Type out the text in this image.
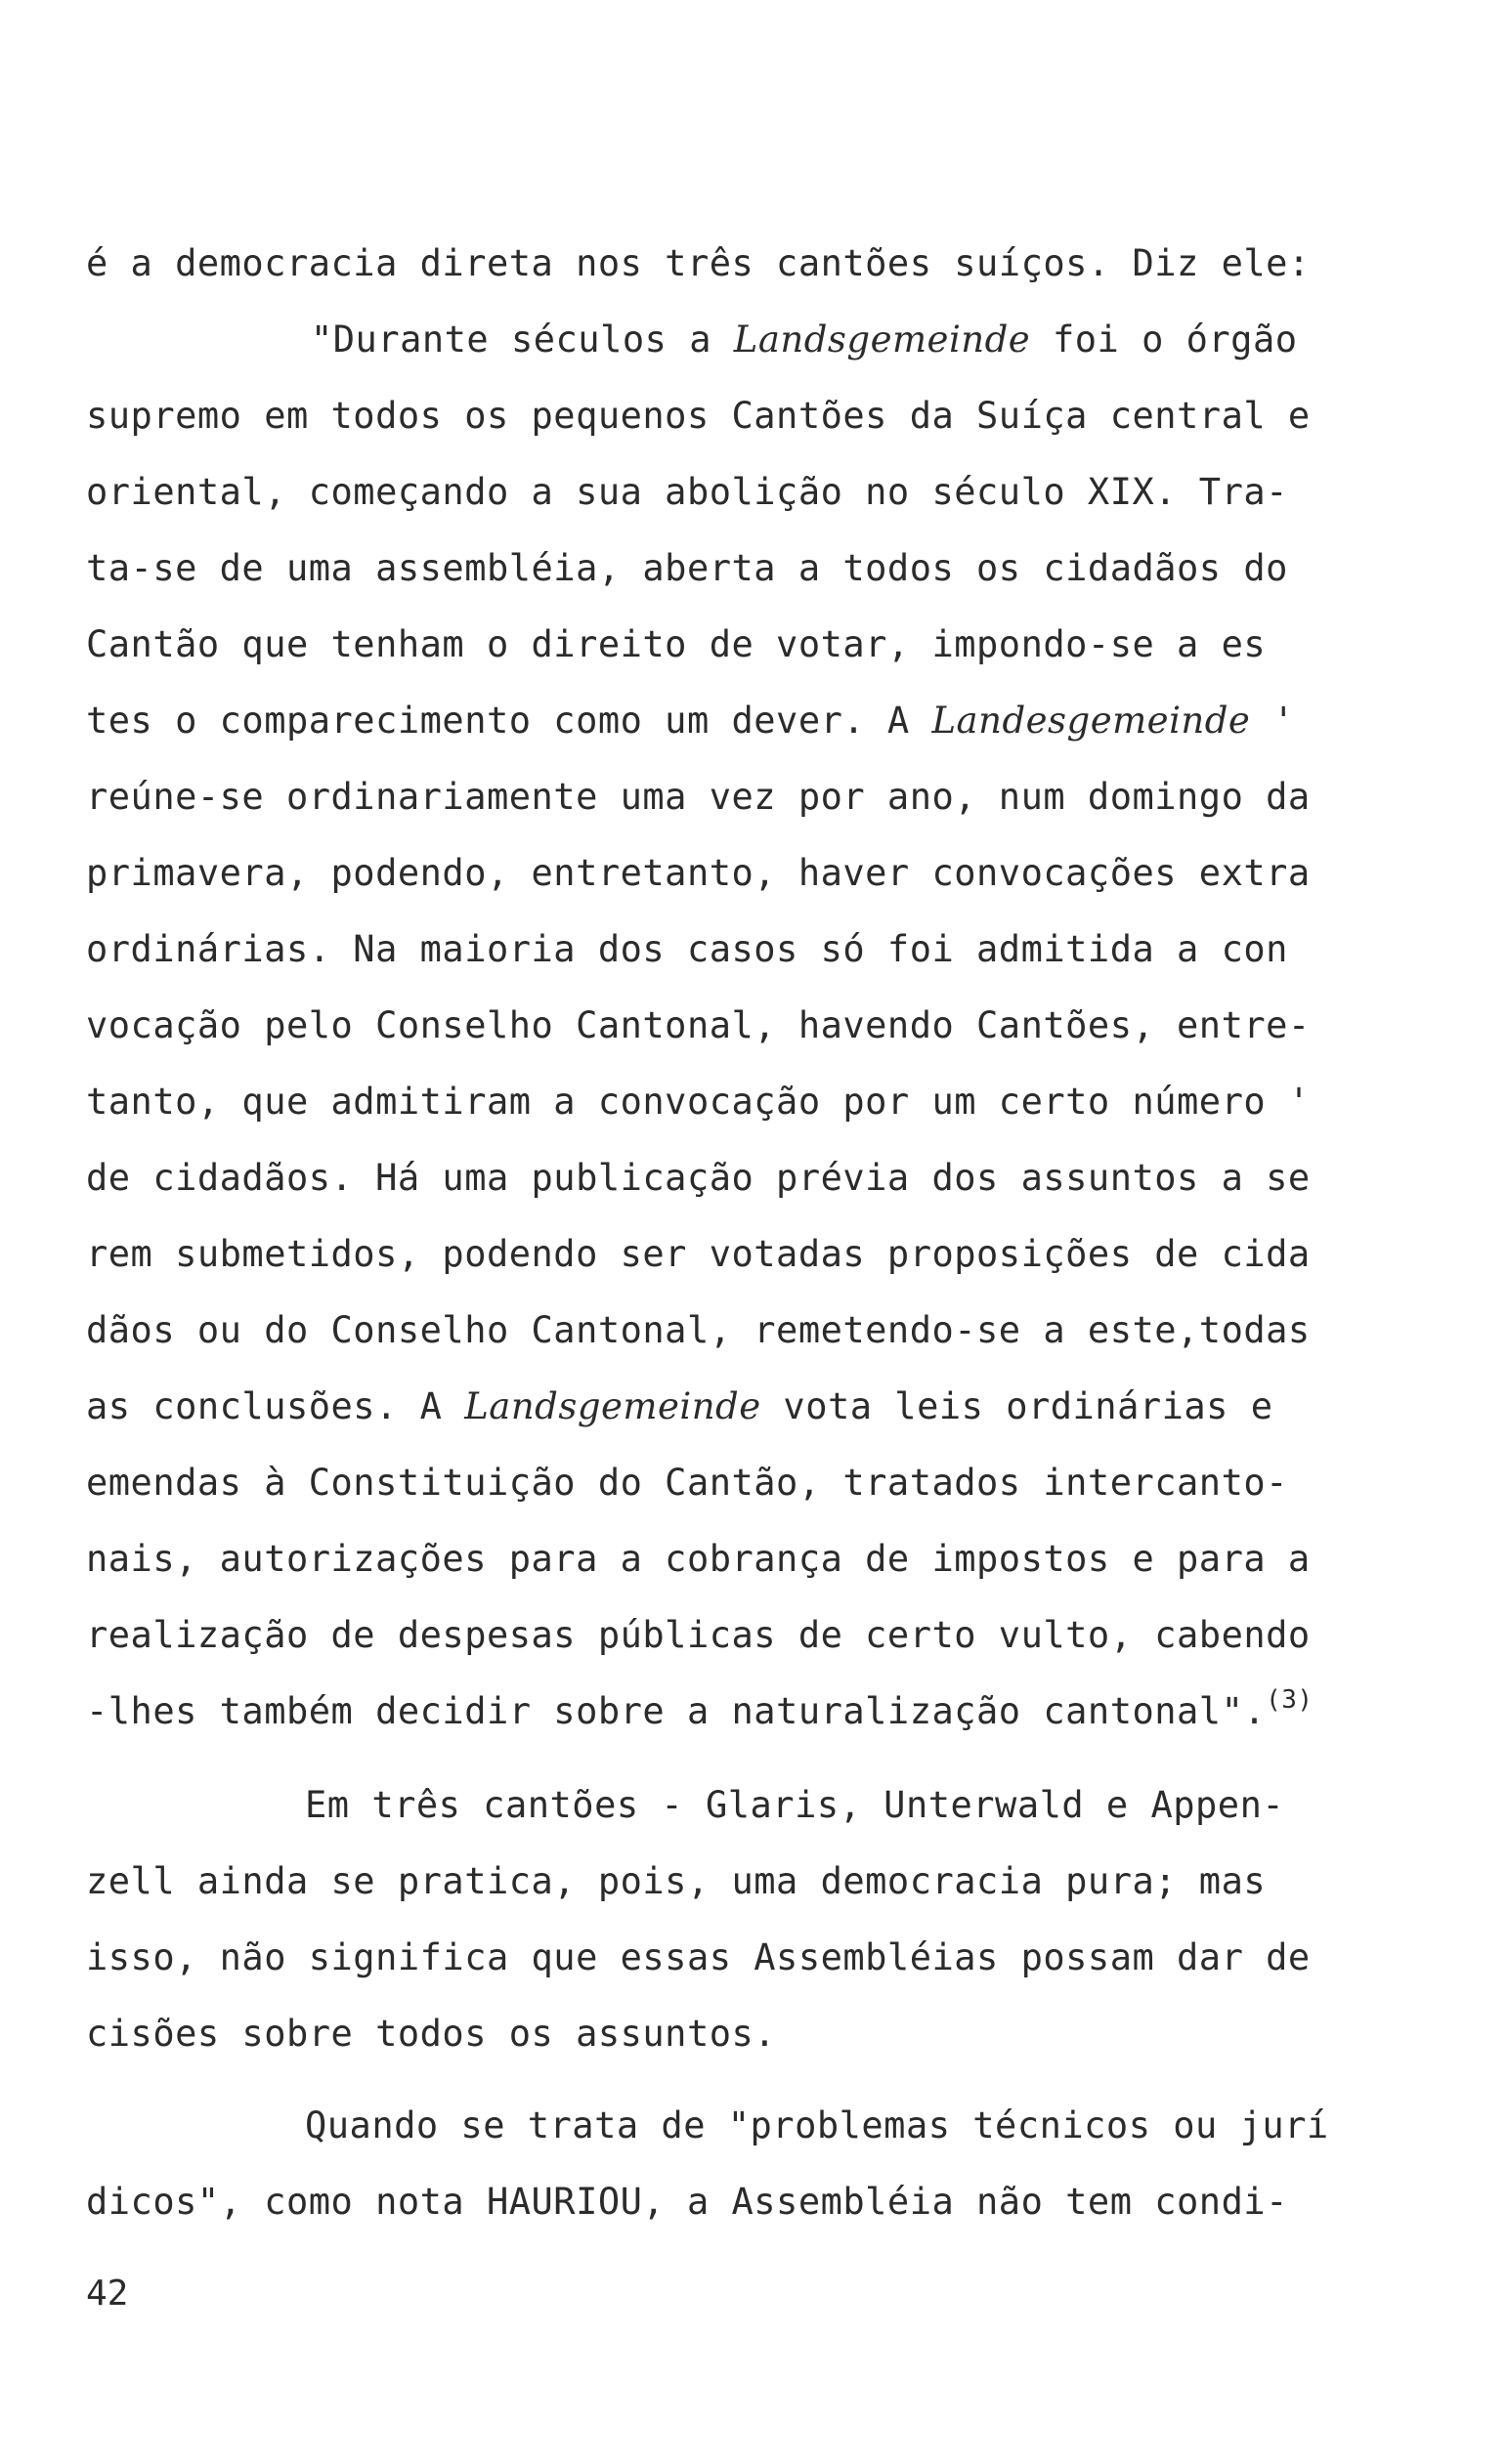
é a democracia direta nos três cantões suíços. Diz ele:
"Durante séculos a Landsgemeinde foi o órgão
supremo em todos os pequenos Cantões da Suíça central e
oriental, começando a sua abolição no século XIX. Tra-
ta-se de uma assembléia, aberta a todos os cidadãos do
Cantão que tenham o direito de votar, impondo-se a es
tes o comparecimento como um dever. A Landesgemeinde '
reúne-se ordinariamente uma vez por ano, num domingo da
primavera, podendo, entretanto, haver convocações extra
ordinárias. Na maioria dos casos só foi admitida a con
vocação pelo Conselho Cantonal, havendo Cantões, entre-
tanto, que admitiram a convocação por um certo número '
de cidadãos. Há uma publicação prévia dos assuntos a se
rem submetidos, podendo ser votadas proposições de cida
dãos ou do Conselho Cantonal, remetendo-se a este,todas
as conclusões. A Landsgemeinde vota leis ordinárias e
emendas à Constituição do Cantão, tratados intercanto-
nais, autorizações para a cobrança de impostos e para a
realização de despesas públicas de certo vulto, cabendo
-lhes também decidir sobre a naturalização cantonal".$^{(3)}$
Em três cantões - Glaris, Unterwald e Appen-
zell ainda se pratica, pois, uma democracia pura; mas
isso, não significa que essas Assembléias possam dar de
cisões sobre todos os assuntos.
Quando se trata de "problemas técnicos ou jurí
dicos", como nota HAURIOU, a Assembléia não tem condi-
42
